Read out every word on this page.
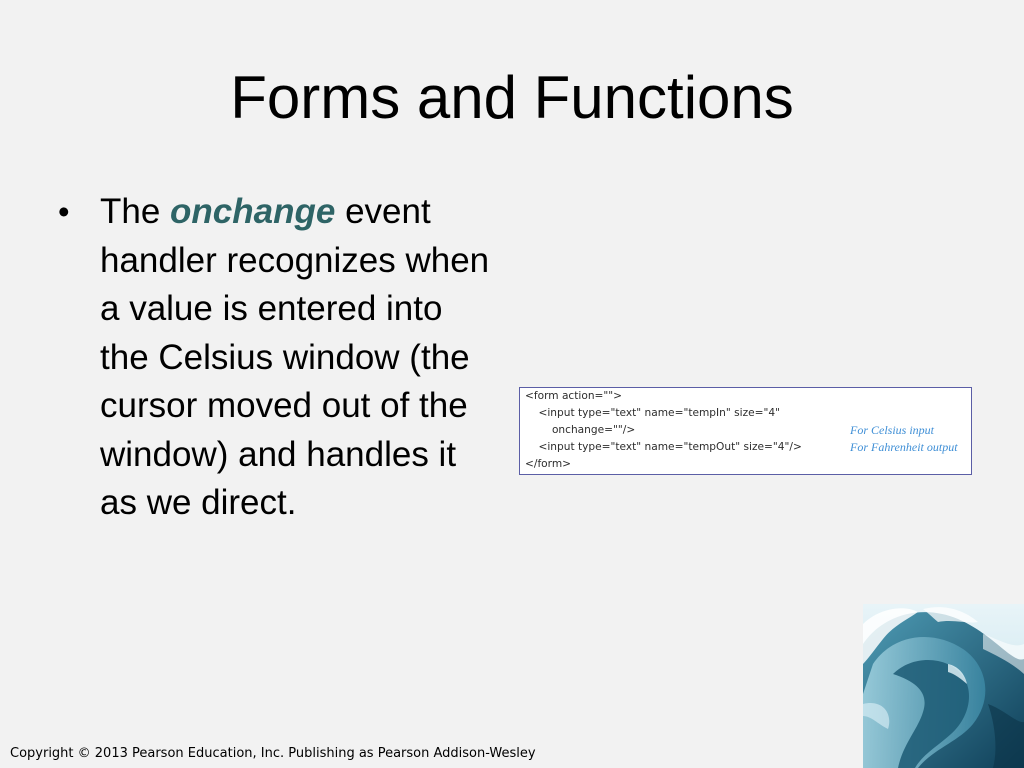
Forms and Functions
• The onchange event handler recognizes when a value is entered into the Celsius window (the cursor moved out of the window) and handles it as we direct.

<form action="">
<input type="text" name="tempIn" size="4"
onchange=""/>
<input type="text" name="tempOut" size="4"/>
</form>
For Celsius input
For Fahrenheit output
Copyright © 2013 Pearson Education, Inc. Publishing as Pearson Addison-Wesley
